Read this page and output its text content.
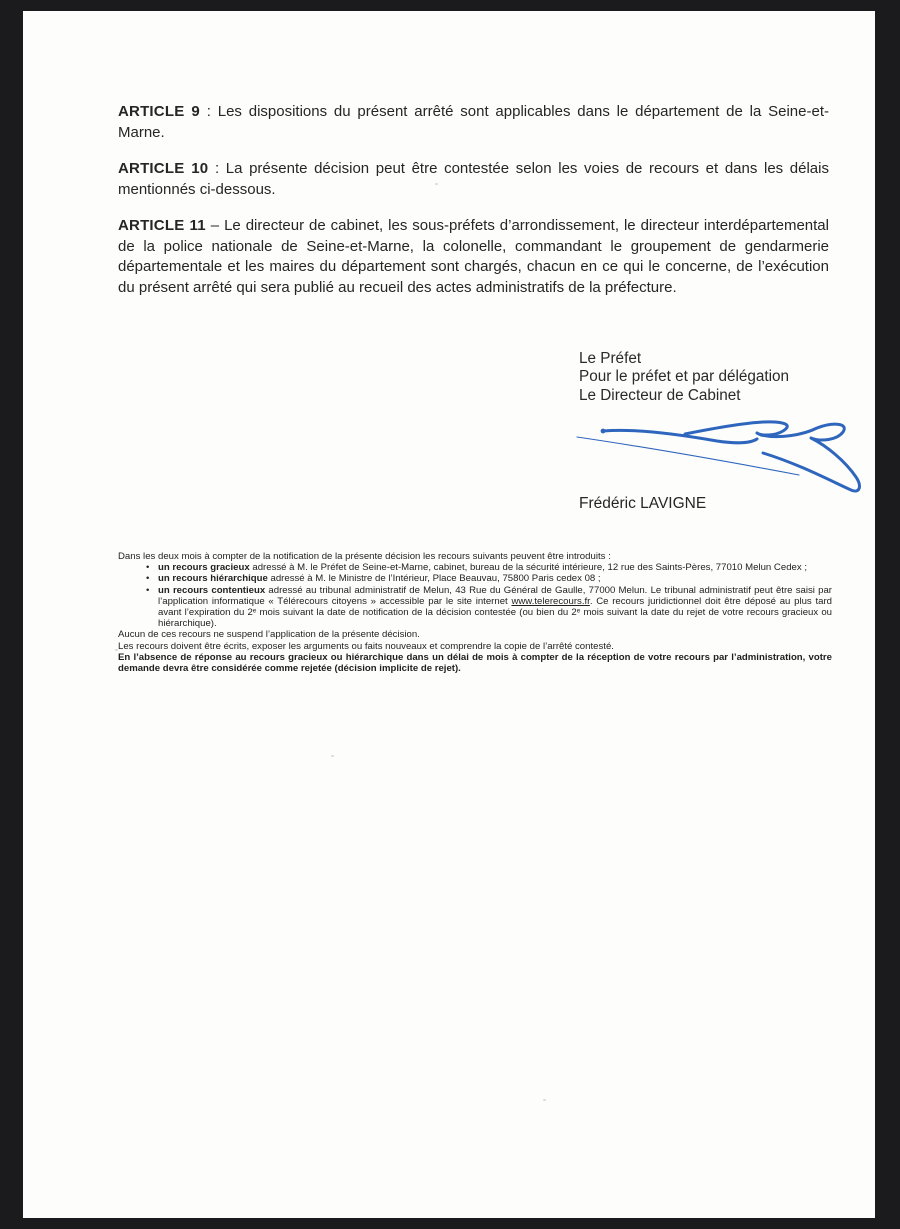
ARTICLE 9 : Les dispositions du présent arrêté sont applicables dans le département de la Seine-et-Marne.

ARTICLE 10 : La présente décision peut être contestée selon les voies de recours et dans les délais mentionnés ci-dessous.

ARTICLE 11 – Le directeur de cabinet, les sous-préfets d’arrondissement, le directeur interdépartemental de la police nationale de Seine-et-Marne, la colonelle, commandant le groupement de gendarmerie départementale et les maires du département sont chargés, chacun en ce qui le concerne, de l’exécution du présent arrêté qui sera publié au recueil des actes administratifs de la préfecture.

Le Préfet
Pour le préfet et par délégation
Le Directeur de Cabinet
Frédéric LAVIGNE
Dans les deux mois à compter de la notification de la présente décision les recours suivants peuvent être introduits :
• un recours gracieux adressé à M. le Préfet de Seine-et-Marne, cabinet, bureau de la sécurité intérieure, 12 rue des Saints-Pères, 77010 Melun Cedex ;
• un recours hiérarchique adressé à M. le Ministre de l’Intérieur, Place Beauvau, 75800 Paris cedex 08 ;
• un recours contentieux adressé au tribunal administratif de Melun, 43 Rue du Général de Gaulle, 77000 Melun. Le tribunal administratif peut être saisi par l’application informatique « Télérecours citoyens » accessible par le site internet www.telerecours.fr. Ce recours juridictionnel doit être déposé au plus tard avant l’expiration du 2ᵉ mois suivant la date de notification de la décision contestée (ou bien du 2ᵉ mois suivant la date du rejet de votre recours gracieux ou hiérarchique).

Aucun de ces recours ne suspend l’application de la présente décision.

Les recours doivent être écrits, exposer les arguments ou faits nouveaux et comprendre la copie de l’arrêté contesté.

En l’absence de réponse au recours gracieux ou hiérarchique dans un délai de mois à compter de la réception de votre recours par l’administration, votre demande devra être considérée comme rejetée (décision implicite de rejet).
